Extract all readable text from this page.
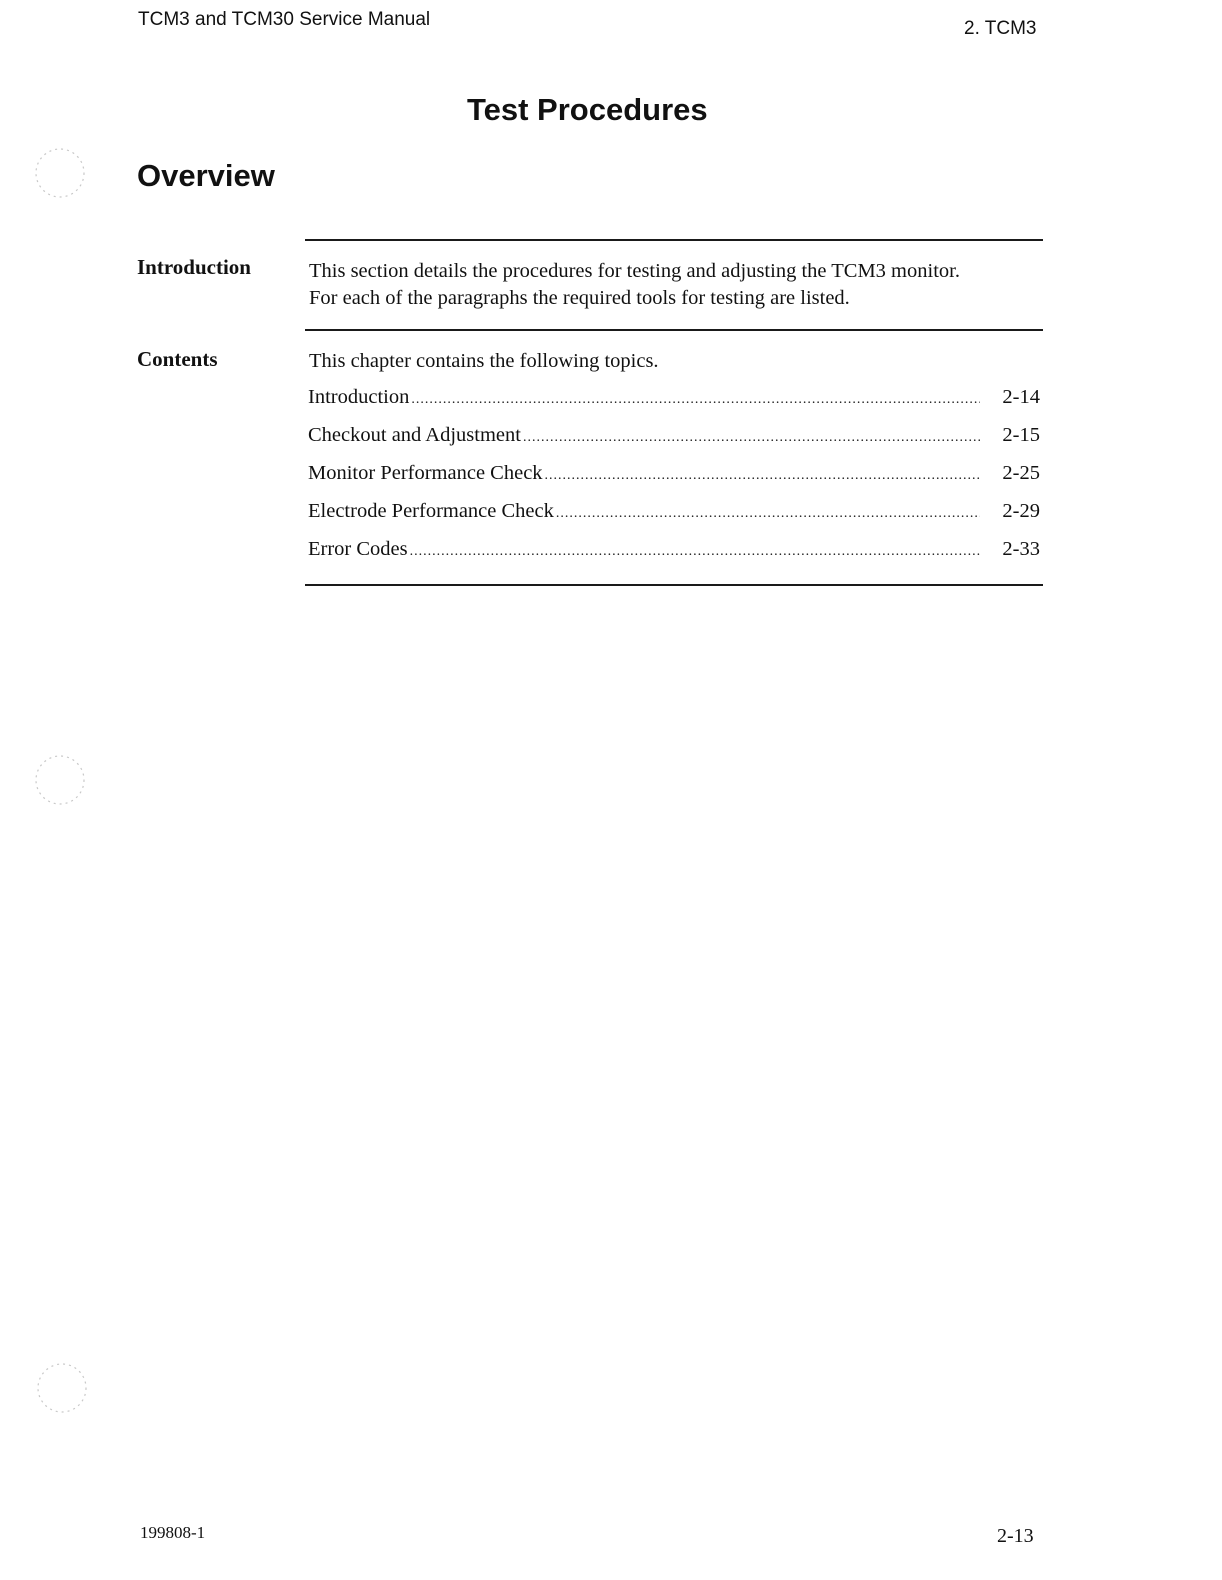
TCM3 and TCM30 Service Manual	2. TCM3
Test Procedures
Overview
Introduction	This section details the procedures for testing and adjusting the TCM3 monitor.
For each of the paragraphs the required tools for testing are listed.
Contents	This chapter contains the following topics.
Introduction .....	2-14
Checkout and Adjustment .....	2-15
Monitor Performance Check .....	2-25
Electrode Performance Check .....	2-29
Error Codes .....	2-33
199808-1	2-13
